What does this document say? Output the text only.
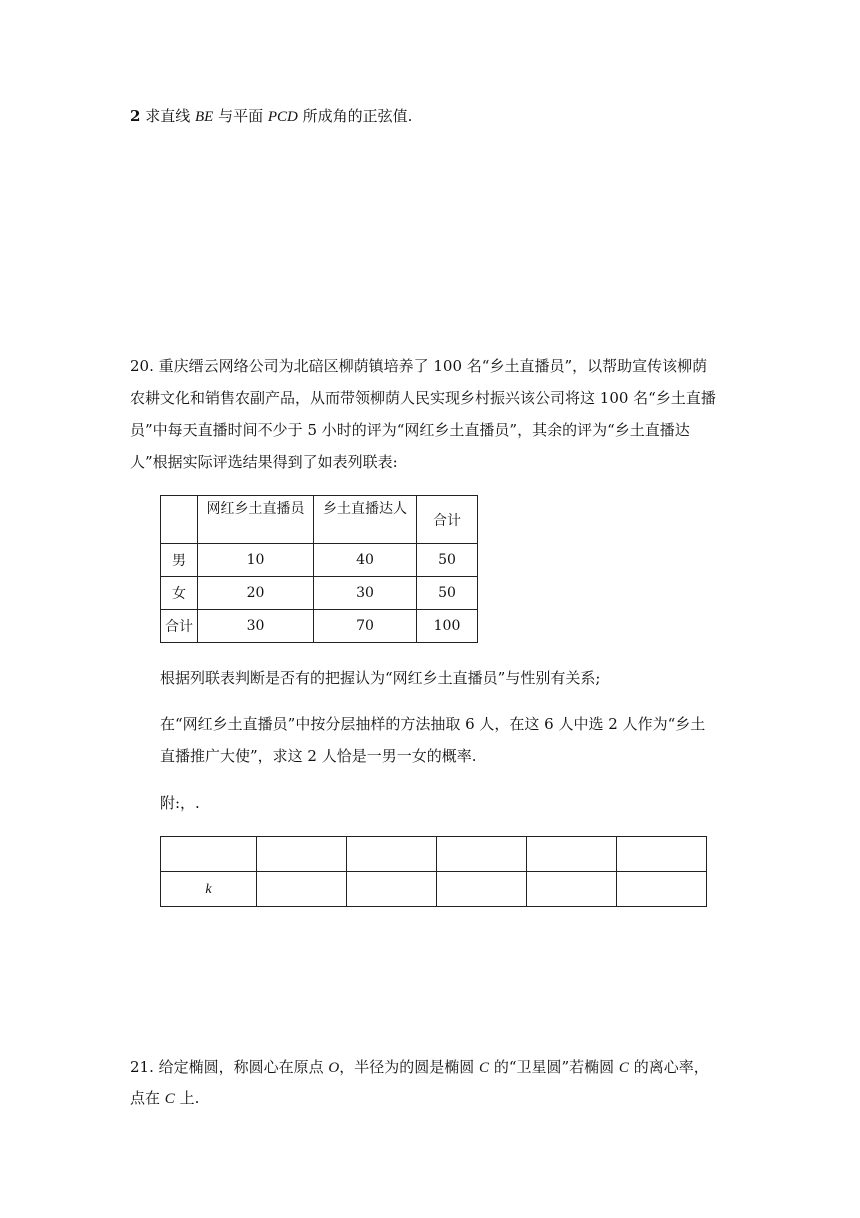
2 求直线 BE 与平面 PCD 所成角的正弦值.
20. 重庆缙云网络公司为北碚区柳荫镇培养了 100 名“乡土直播员”，以帮助宣传该柳荫
农耕文化和销售农副产品，从而带领柳荫人民实现乡村振兴该公司将这 100 名“乡土直播
员”中每天直播时间不少于 5 小时的评为“网红乡土直播员”，其余的评为“乡土直播达
人”根据实际评选结果得到了如表列联表:
	网红乡土直播员	乡土直播达人	合计
男	10	40	50
女	20	30	50
合计	30	70	100
根据列联表判断是否有的把握认为“网红乡土直播员”与性别有关系;
在“网红乡土直播员”中按分层抽样的方法抽取 6 人，在这 6 人中选 2 人作为“乡土
直播推广大使”，求这 2 人恰是一男一女的概率.
附:，.

k					
21. 给定椭圆，称圆心在原点 O，半径为的圆是椭圆 C 的“卫星圆”若椭圆 C 的离心率，
点在 C 上.
